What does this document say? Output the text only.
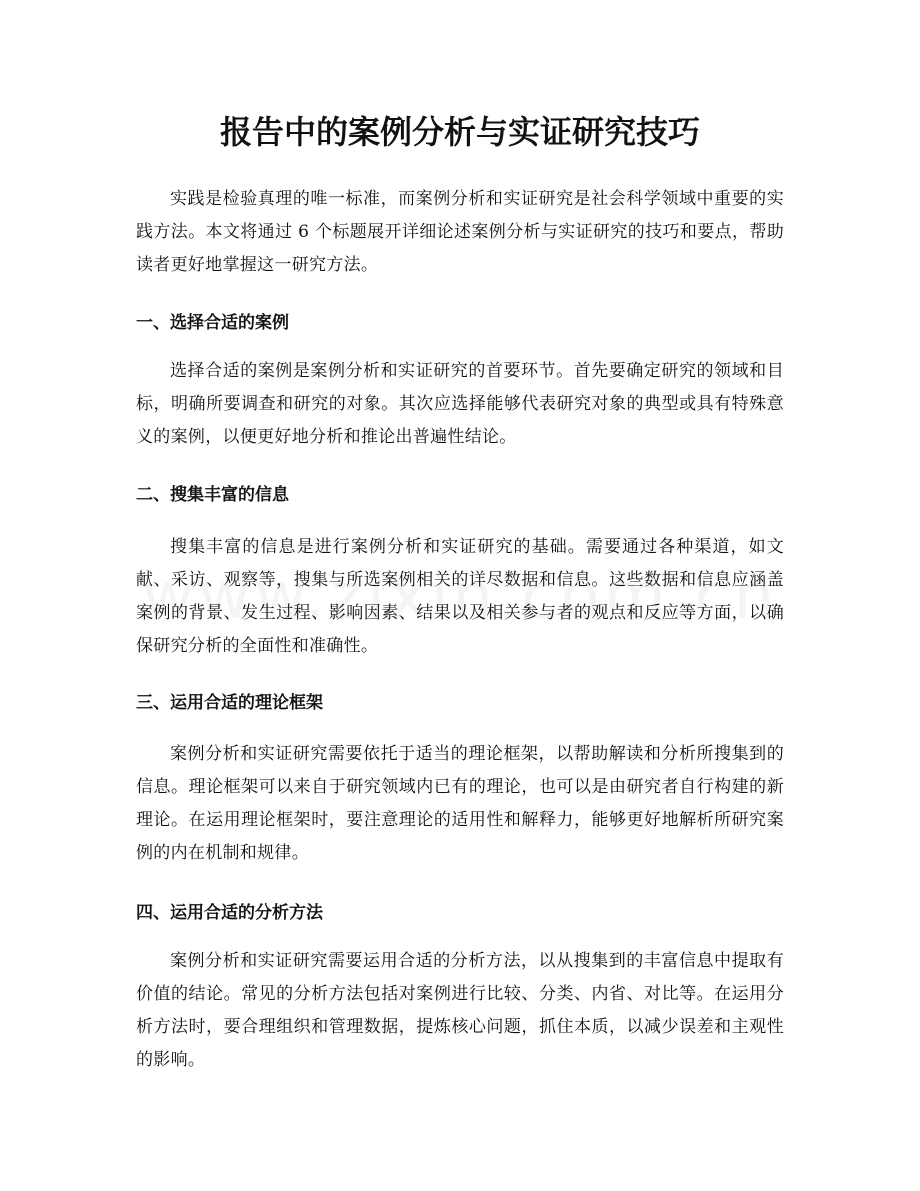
报告中的案例分析与实证研究技巧

实践是检验真理的唯一标准，而案例分析和实证研究是社会科学领域中重要的实践方法。本文将通过 6 个标题展开详细论述案例分析与实证研究的技巧和要点，帮助读者更好地掌握这一研究方法。

一、选择合适的案例

选择合适的案例是案例分析和实证研究的首要环节。首先要确定研究的领域和目标，明确所要调查和研究的对象。其次应选择能够代表研究对象的典型或具有特殊意义的案例，以便更好地分析和推论出普遍性结论。

二、搜集丰富的信息

搜集丰富的信息是进行案例分析和实证研究的基础。需要通过各种渠道，如文献、采访、观察等，搜集与所选案例相关的详尽数据和信息。这些数据和信息应涵盖案例的背景、发生过程、影响因素、结果以及相关参与者的观点和反应等方面，以确保研究分析的全面性和准确性。

三、运用合适的理论框架

案例分析和实证研究需要依托于适当的理论框架，以帮助解读和分析所搜集到的信息。理论框架可以来自于研究领域内已有的理论，也可以是由研究者自行构建的新理论。在运用理论框架时，要注意理论的适用性和解释力，能够更好地解析所研究案例的内在机制和规律。

四、运用合适的分析方法

案例分析和实证研究需要运用合适的分析方法，以从搜集到的丰富信息中提取有价值的结论。常见的分析方法包括对案例进行比较、分类、内省、对比等。在运用分析方法时，要合理组织和管理数据，提炼核心问题，抓住本质，以减少误差和主观性的影响。
